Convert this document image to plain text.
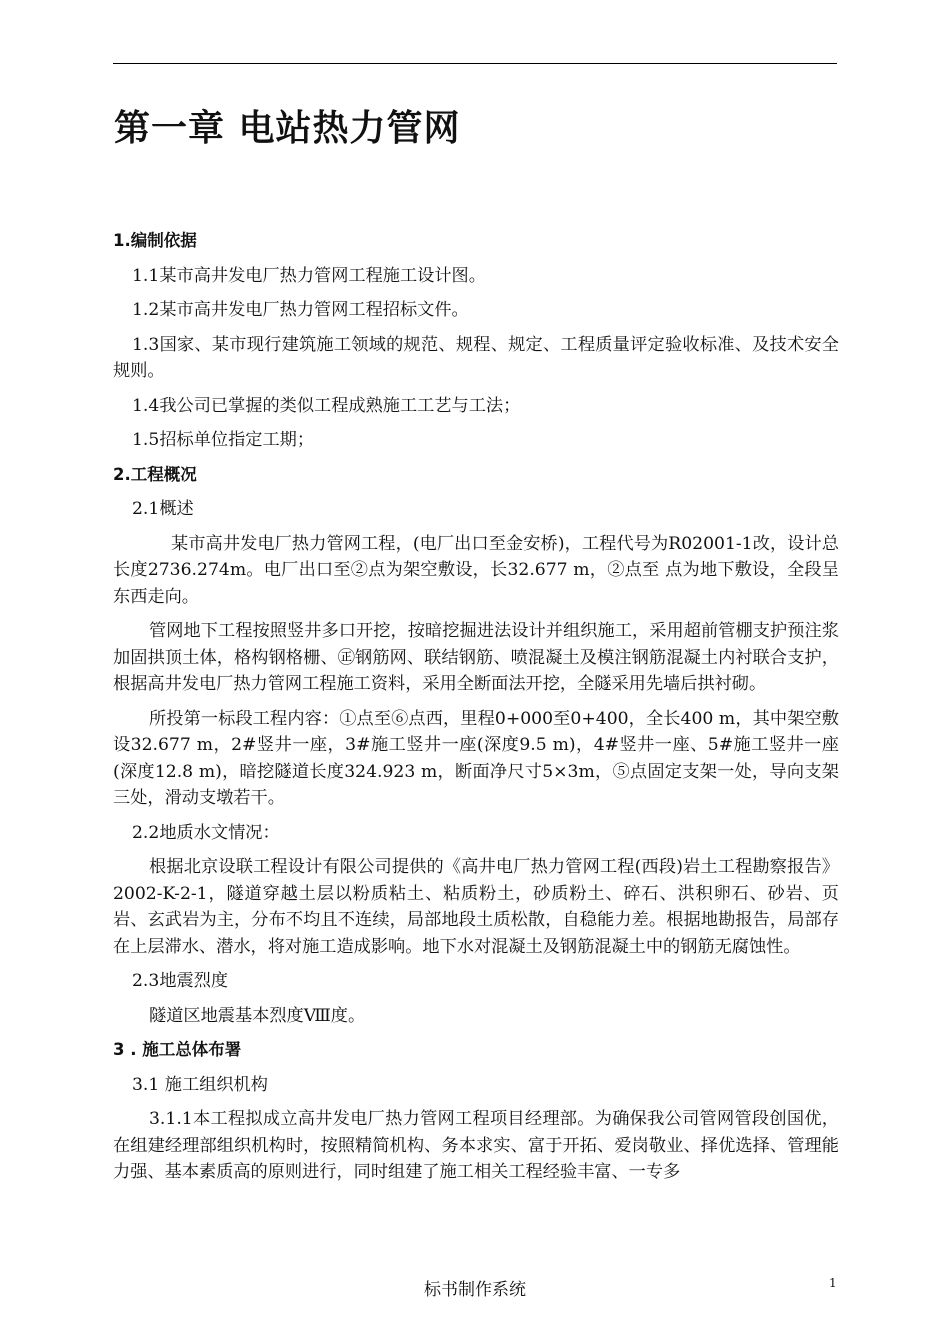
第一章 电站热力管网
1.编制依据
1.1某市高井发电厂热力管网工程施工设计图。
1.2某市高井发电厂热力管网工程招标文件。
1.3国家、某市现行建筑施工领域的规范、规程、规定、工程质量评定验收标准、及技术安全规则。
1.4我公司已掌握的类似工程成熟施工工艺与工法；
1.5招标单位指定工期；
2.工程概况
2.1概述
某市高井发电厂热力管网工程，(电厂出口至金安桥)，工程代号为R02001-1改，设计总长度2736.274m。电厂出口至②点为架空敷设，长32.677 m，②点至 点为地下敷设，全段呈东西走向。
管网地下工程按照竖井多口开挖，按暗挖掘进法设计并组织施工，采用超前管棚支护预注浆加固拱顶土体，格构钢格栅、㊣钢筋网、联结钢筋、喷混凝土及模注钢筋混凝土内衬联合支护，根据高井发电厂热力管网工程施工资料，采用全断面法开挖，全隧采用先墙后拱衬砌。
所投第一标段工程内容：①点至⑥点西，里程0+000至0+400，全长400 m，其中架空敷设32.677 m，2#竖井一座，3#施工竖井一座(深度9.5 m)，4#竖井一座、5#施工竖井一座(深度12.8 m)，暗挖隧道长度324.923 m，断面净尺寸5×3m，⑤点固定支架一处，导向支架三处，滑动支墩若干。
2.2地质水文情况：
根据北京设联工程设计有限公司提供的《高井电厂热力管网工程(西段)岩土工程勘察报告》2002-K-2-1，隧道穿越土层以粉质粘土、粘质粉土，砂质粉土、碎石、洪积卵石、砂岩、页岩、玄武岩为主，分布不均且不连续，局部地段土质松散，自稳能力差。根据地勘报告，局部存在上层滞水、潜水，将对施工造成影响。地下水对混凝土及钢筋混凝土中的钢筋无腐蚀性。
2.3地震烈度
隧道区地震基本烈度Ⅷ度。
3 . 施工总体布署
3.1 施工组织机构
3.1.1本工程拟成立高井发电厂热力管网工程项目经理部。为确保我公司管网管段创国优，在组建经理部组织机构时，按照精简机构、务本求实、富于开拓、爱岗敬业、择优选择、管理能力强、基本素质高的原则进行，同时组建了施工相关工程经验丰富、一专多
标书制作系统	1
